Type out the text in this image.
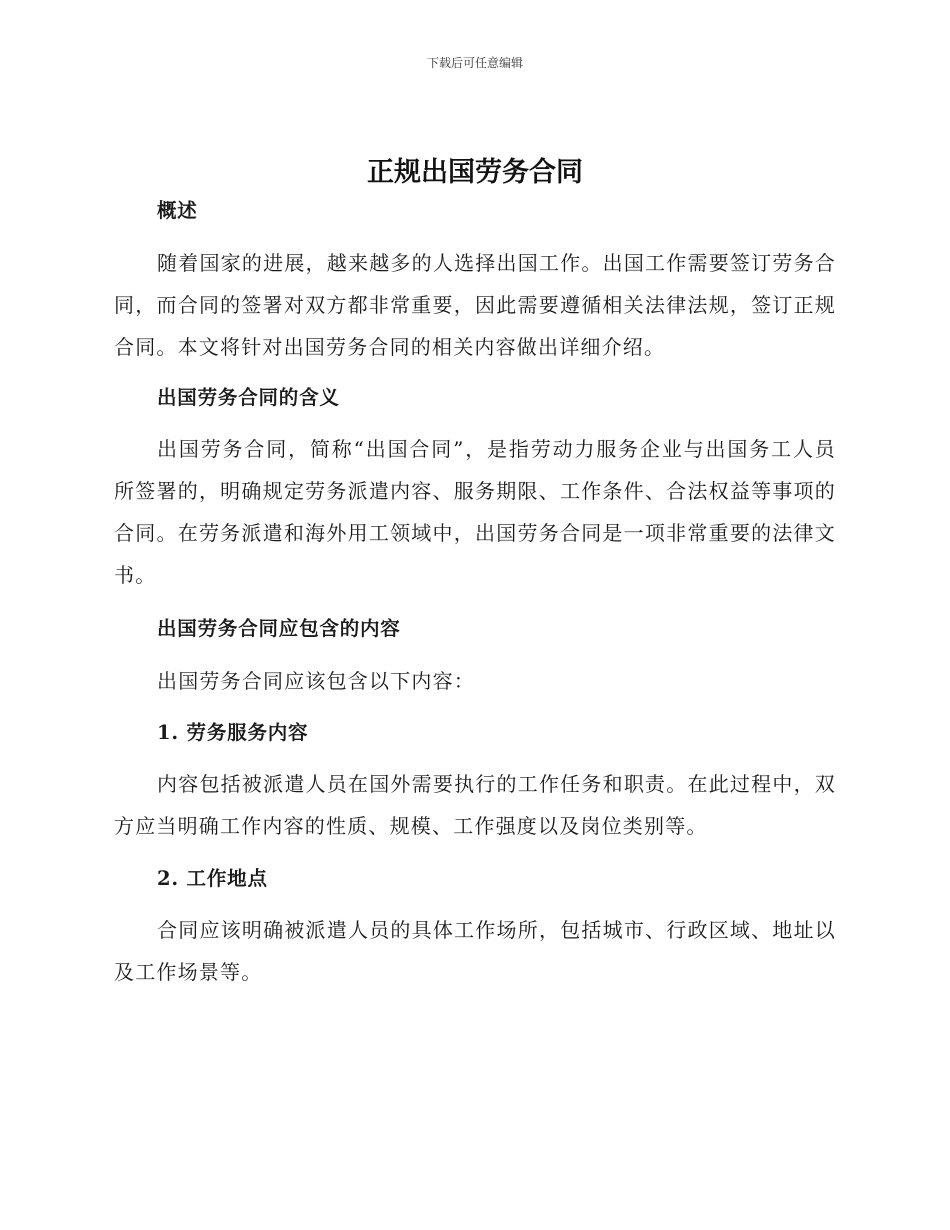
下载后可任意编辑
正规出国劳务合同
概述
随着国家的进展，越来越多的人选择出国工作。出国工作需要签订劳务合同，而合同的签署对双方都非常重要，因此需要遵循相关法律法规，签订正规合同。本文将针对出国劳务合同的相关内容做出详细介绍。
出国劳务合同的含义
出国劳务合同，简称“出国合同”，是指劳动力服务企业与出国务工人员所签署的，明确规定劳务派遣内容、服务期限、工作条件、合法权益等事项的合同。在劳务派遣和海外用工领域中，出国劳务合同是一项非常重要的法律文书。
出国劳务合同应包含的内容
出国劳务合同应该包含以下内容：
1. 劳务服务内容
内容包括被派遣人员在国外需要执行的工作任务和职责。在此过程中，双方应当明确工作内容的性质、规模、工作强度以及岗位类别等。
2. 工作地点
合同应该明确被派遣人员的具体工作场所，包括城市、行政区域、地址以及工作场景等。
